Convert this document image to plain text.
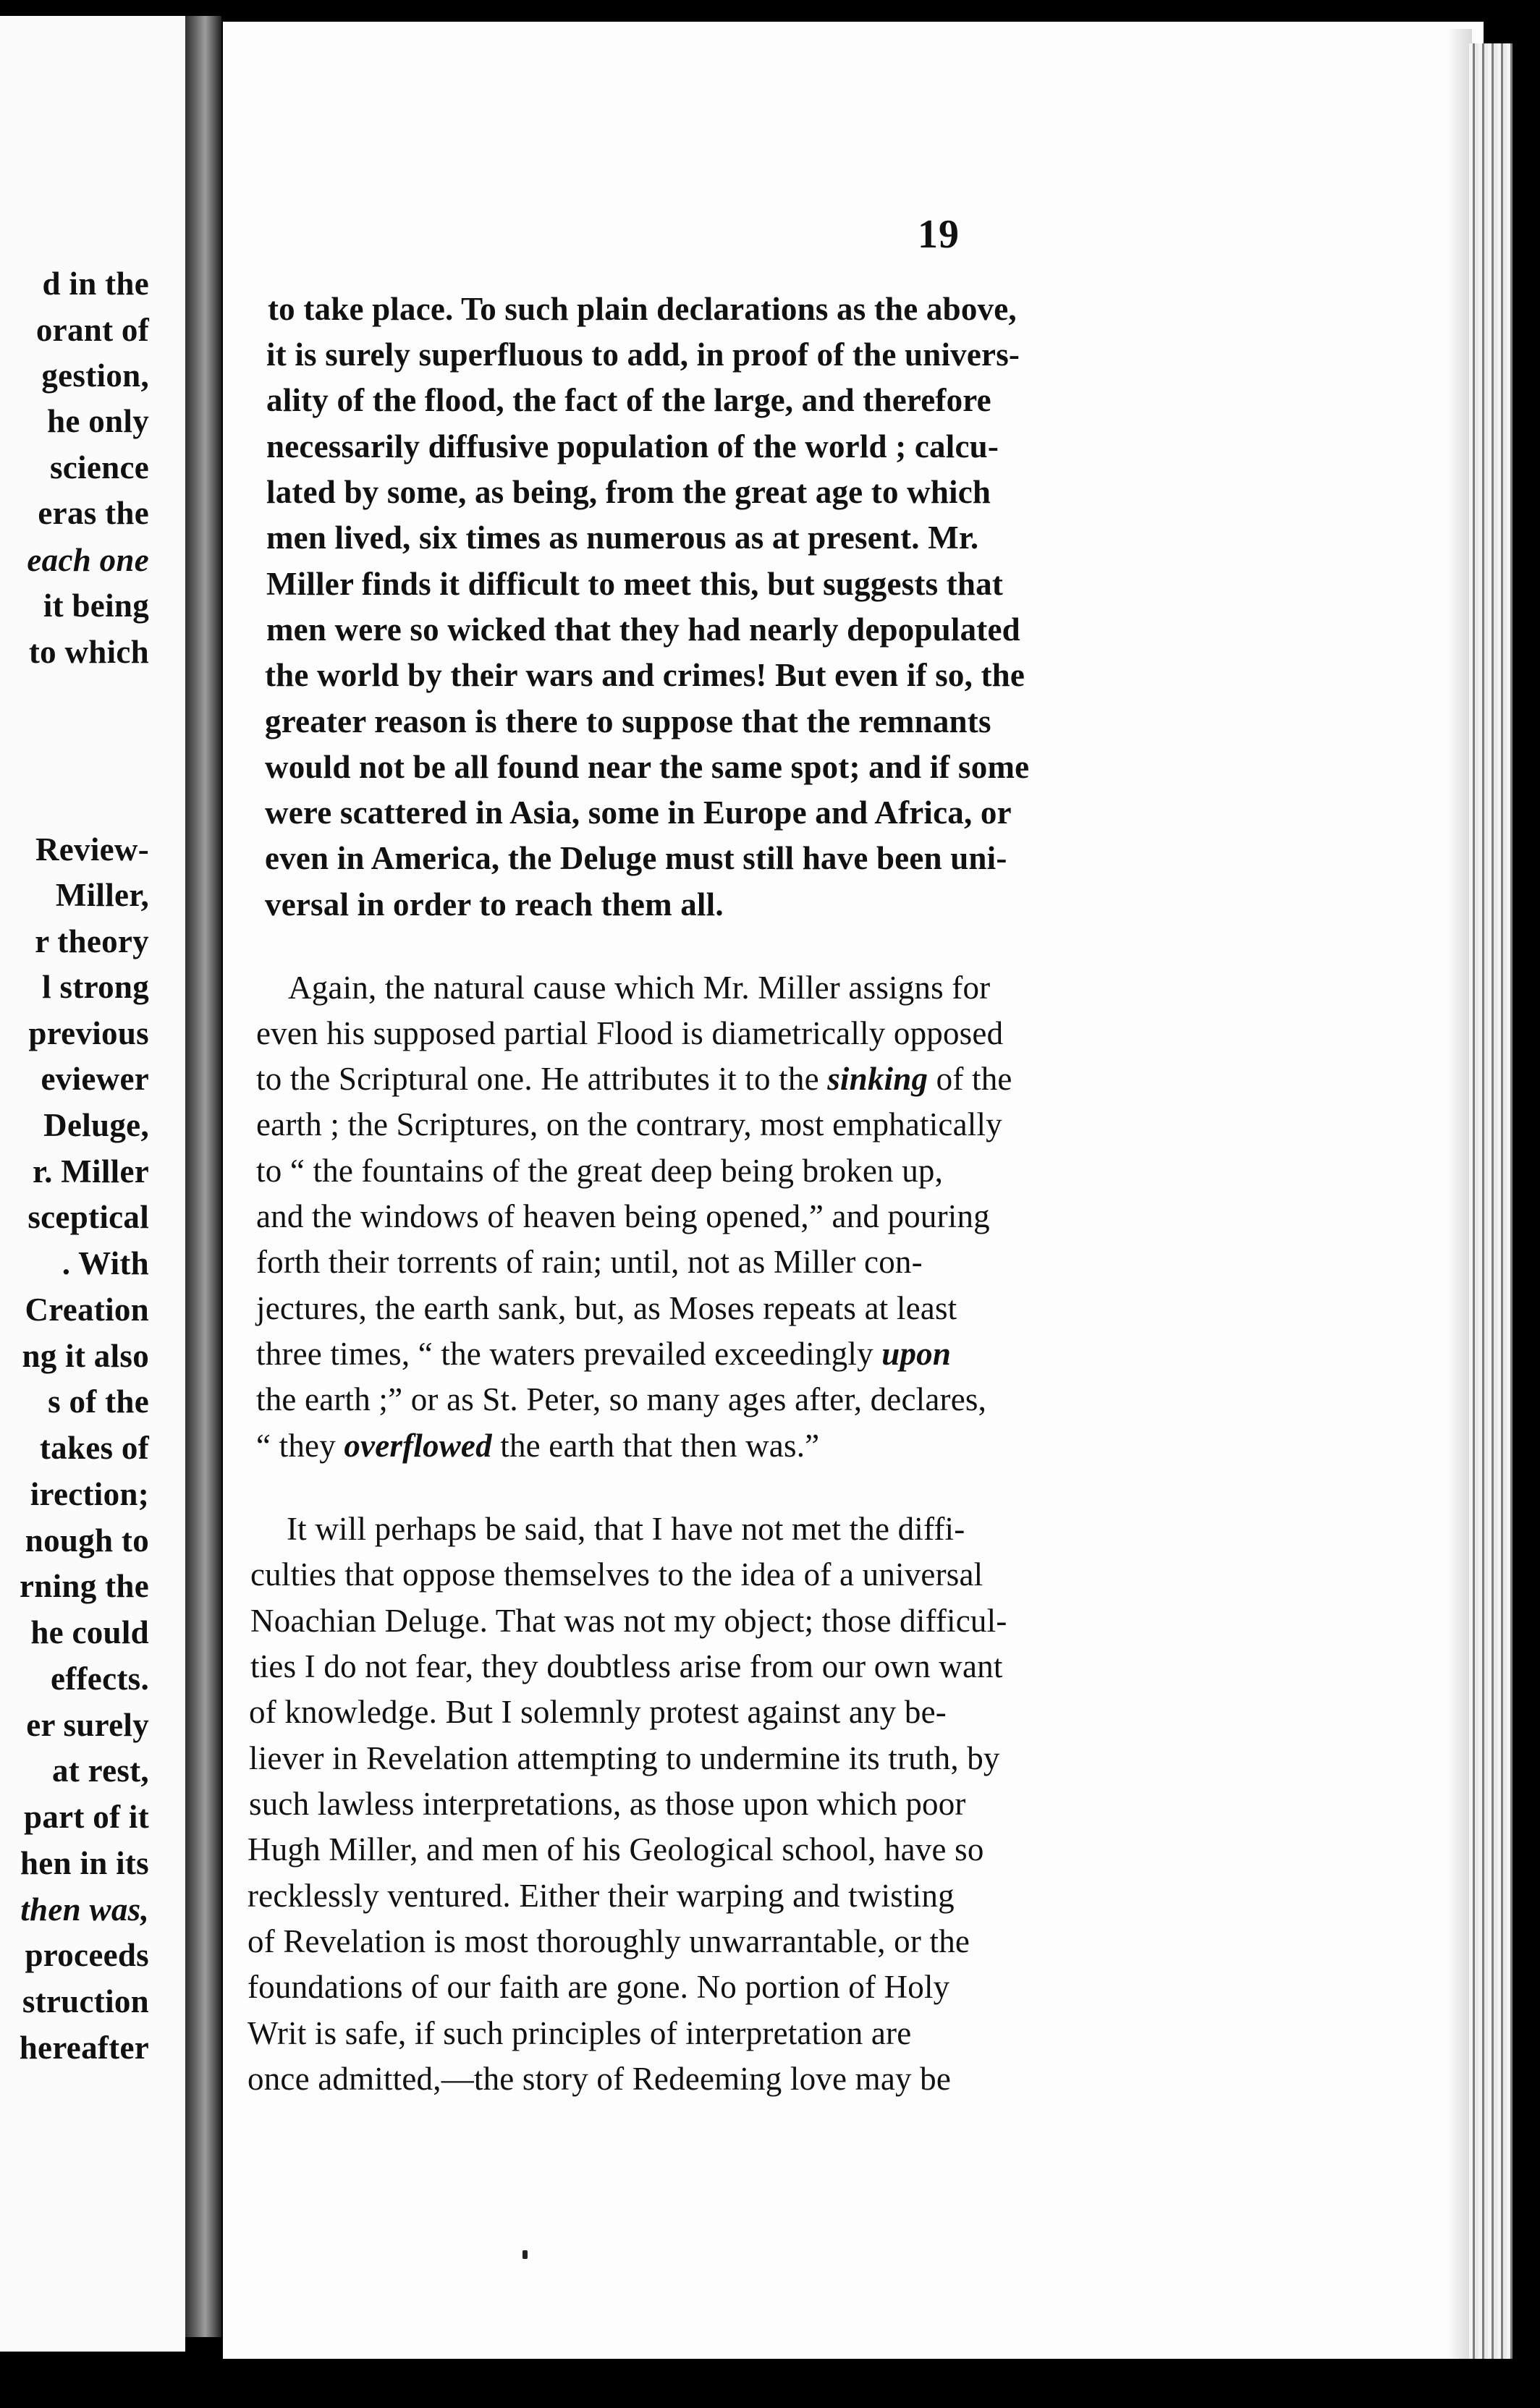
d in the
orant of
gestion,
he only
science
eras the
each one
it being
to which
Review-
Miller,
r theory
l strong
previous
eviewer
Deluge,
r. Miller
sceptical
. With
Creation
ng it also
s of the
takes of
irection;
nough to
rning the
he could
effects.
er surely
at rest,
part of it
hen in its
then was,
proceeds
struction
hereafter
19
to take place. To such plain declarations as the above,
it is surely superfluous to add, in proof of the univers-
ality of the flood, the fact of the large, and therefore
necessarily diffusive population of the world ; calcu-
lated by some, as being, from the great age to which
men lived, six times as numerous as at present. Mr.
Miller finds it difficult to meet this, but suggests that
men were so wicked that they had nearly depopulated
the world by their wars and crimes! But even if so, the
greater reason is there to suppose that the remnants
would not be all found near the same spot; and if some
were scattered in Asia, some in Europe and Africa, or
even in America, the Deluge must still have been uni-
versal in order to reach them all.
Again, the natural cause which Mr. Miller assigns for
even his supposed partial Flood is diametrically opposed
to the Scriptural one. He attributes it to the sinking of the
earth ; the Scriptures, on the contrary, most emphatically
to “ the fountains of the great deep being broken up,
and the windows of heaven being opened,” and pouring
forth their torrents of rain; until, not as Miller con-
jectures, the earth sank, but, as Moses repeats at least
three times, “ the waters prevailed exceedingly upon
the earth ;” or as St. Peter, so many ages after, declares,
“ they overflowed the earth that then was.”
It will perhaps be said, that I have not met the diffi-
culties that oppose themselves to the idea of a universal
Noachian Deluge. That was not my object; those difficul-
ties I do not fear, they doubtless arise from our own want
of knowledge. But I solemnly protest against any be-
liever in Revelation attempting to undermine its truth, by
such lawless interpretations, as those upon which poor
Hugh Miller, and men of his Geological school, have so
recklessly ventured. Either their warping and twisting
of Revelation is most thoroughly unwarrantable, or the
foundations of our faith are gone. No portion of Holy
Writ is safe, if such principles of interpretation are
once admitted,—the story of Redeeming love may be
